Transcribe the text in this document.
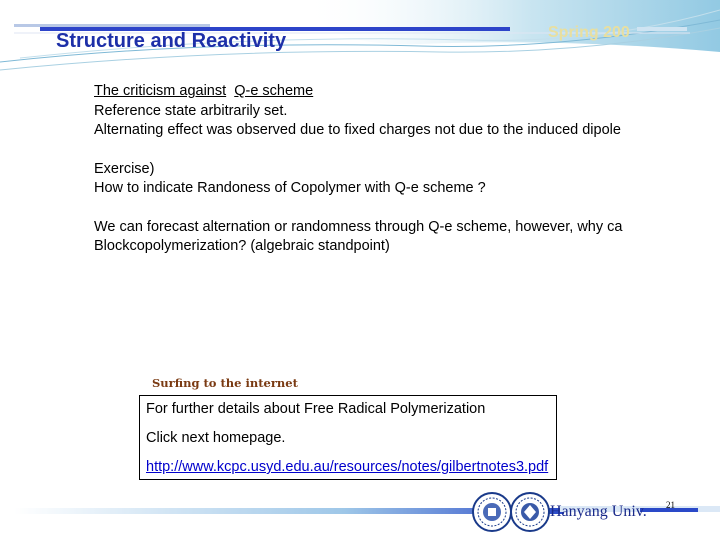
Structure and Reactivity	Spring 200
The criticism against Q-e scheme
Reference state arbitrarily set.
Alternating effect was observed due to fixed charges not due to the induced dipole
Exercise)
How to indicate Randoness of Copolymer with Q-e scheme ?
We can forecast alternation or randomness through Q-e scheme, however, why ca
Blockcopolymerization? (algebraic standpoint)
Surfing to the internet
For further details about Free Radical Polymerization
Click next homepage.
http://www.kcpc.usyd.edu.au/resources/notes/gilbertnotes3.pdf
Hanyang Univ. 21
